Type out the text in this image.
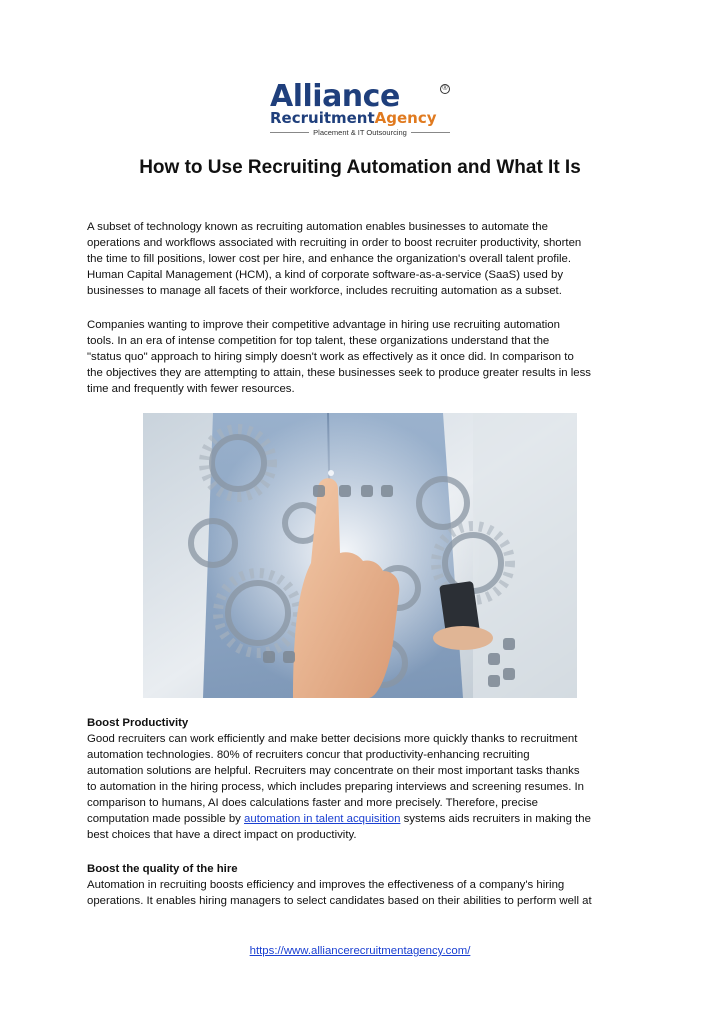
Alliance	®
RecruitmentAgency
Placement & IT Outsourcing
How to Use Recruiting Automation and What It Is
A subset of technology known as recruiting automation enables businesses to automate the
operations and workflows associated with recruiting in order to boost recruiter productivity, shorten
the time to fill positions, lower cost per hire, and enhance the organization's overall talent profile.
Human Capital Management (HCM), a kind of corporate software-as-a-service (SaaS) used by
businesses to manage all facets of their workforce, includes recruiting automation as a subset.
Companies wanting to improve their competitive advantage in hiring use recruiting automation
tools. In an era of intense competition for top talent, these organizations understand that the
"status quo" approach to hiring simply doesn't work as effectively as it once did. In comparison to
the objectives they are attempting to attain, these businesses seek to produce greater results in less
time and frequently with fewer resources.
Boost Productivity
Good recruiters can work efficiently and make better decisions more quickly thanks to recruitment
automation technologies. 80% of recruiters concur that productivity-enhancing recruiting
automation solutions are helpful. Recruiters may concentrate on their most important tasks thanks
to automation in the hiring process, which includes preparing interviews and screening resumes. In
comparison to humans, AI does calculations faster and more precisely. Therefore, precise
computation made possible by automation in talent acquisition systems aids recruiters in making the
best choices that have a direct impact on productivity.
Boost the quality of the hire
Automation in recruiting boosts efficiency and improves the effectiveness of a company's hiring
operations. It enables hiring managers to select candidates based on their abilities to perform well at
https://www.alliancerecruitmentagency.com/
